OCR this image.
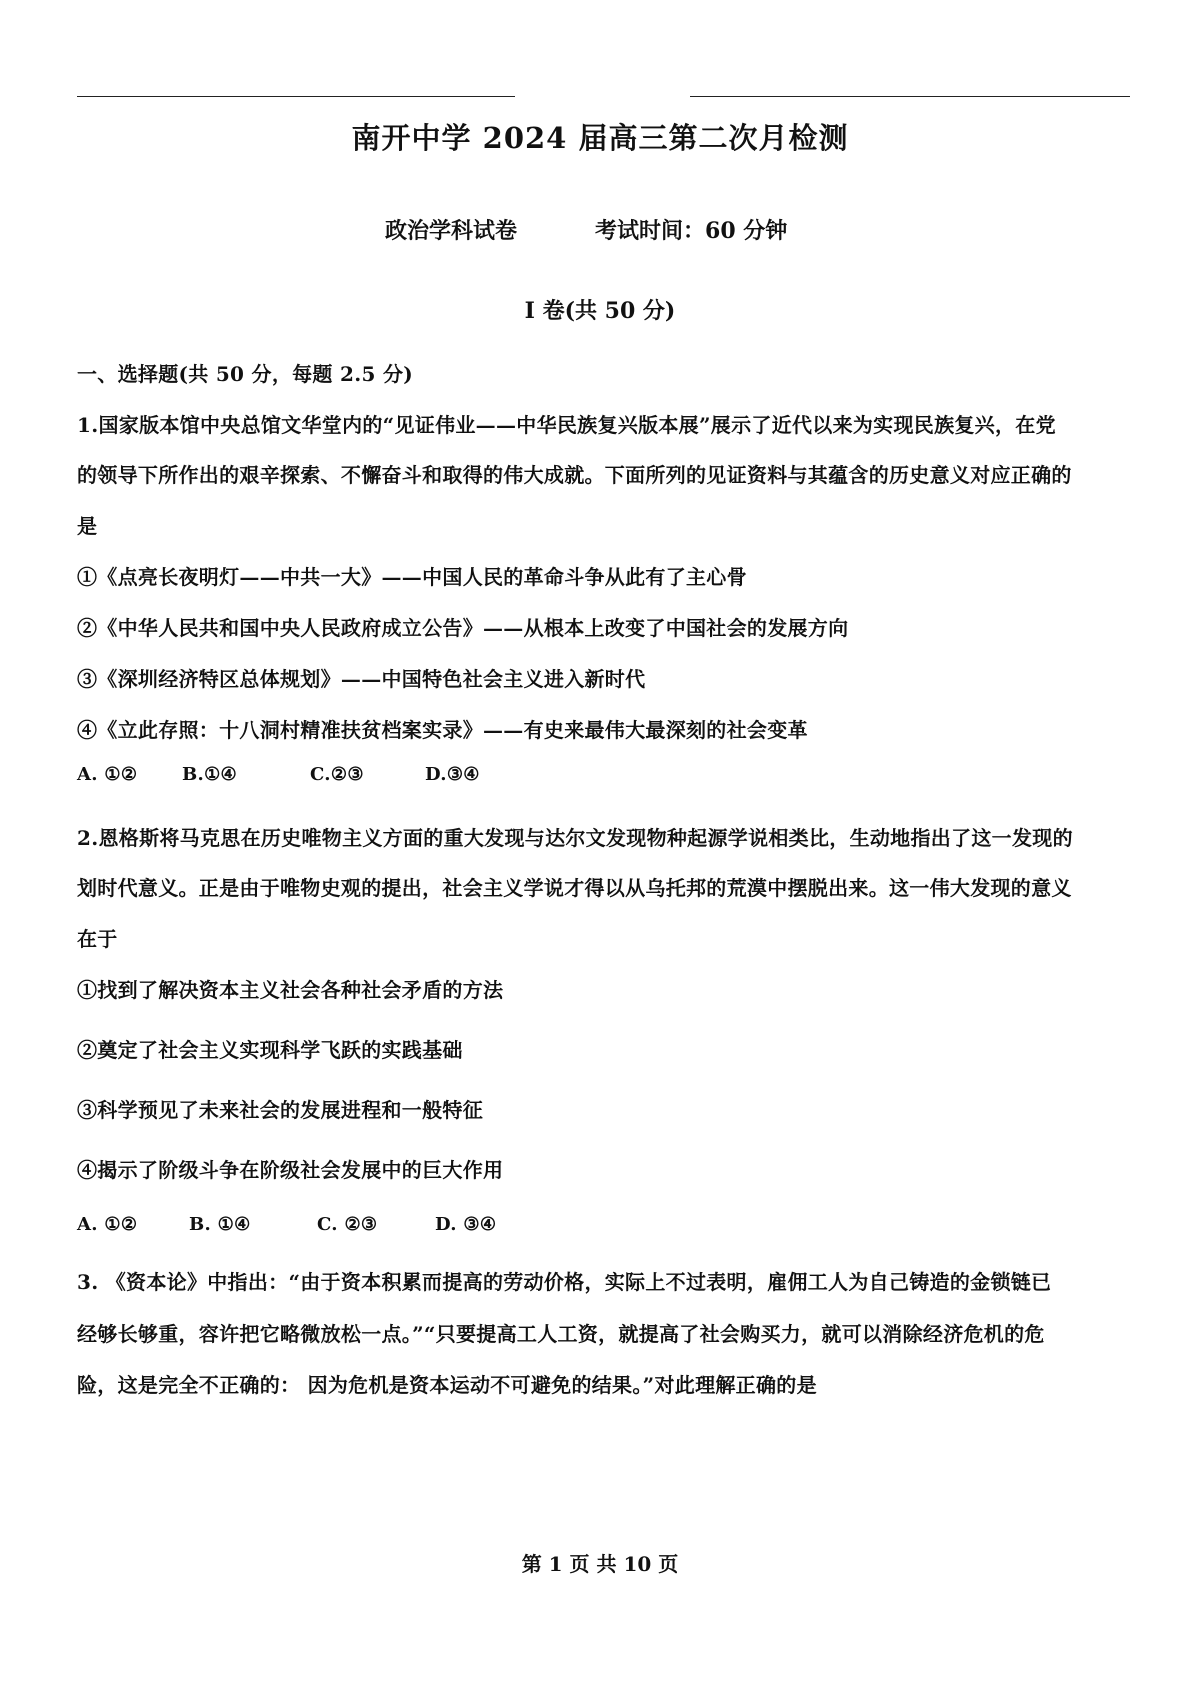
南开中学 2024 届高三第二次月检测
政治学科试卷	考试时间：60 分钟
I 卷(共 50 分)
一、选择题(共 50 分，每题 2.5 分)
1.国家版本馆中央总馆文华堂内的“见证伟业——中华民族复兴版本展”展示了近代以来为实现民族复兴，在党
的领导下所作出的艰辛探索、不懈奋斗和取得的伟大成就。下面所列的见证资料与其蕴含的历史意义对应正确的
是
①《点亮长夜明灯——中共一大》——中国人民的革命斗争从此有了主心骨
②《中华人民共和国中央人民政府成立公告》——从根本上改变了中国社会的发展方向
③《深圳经济特区总体规划》——中国特色社会主义进入新时代
④《立此存照：十八洞村精准扶贫档案实录》——有史来最伟大最深刻的社会变革
A. ①② B.①④	C.②③	D.③④
2.恩格斯将马克思在历史唯物主义方面的重大发现与达尔文发现物种起源学说相类比，生动地指出了这一发现的
划时代意义。正是由于唯物史观的提出，社会主义学说才得以从乌托邦的荒漠中摆脱出来。这一伟大发现的意义
在于
①找到了解决资本主义社会各种社会矛盾的方法
②奠定了社会主义实现科学飞跃的实践基础
③科学预见了未来社会的发展进程和一般特征
④揭示了阶级斗争在阶级社会发展中的巨大作用
A. ①②	B. ①④	C. ②③	D. ③④
3. 《资本论》中指出：“由于资本积累而提高的劳动价格，实际上不过表明，雇佣工人为自己铸造的金锁链已
经够长够重，容许把它略微放松一点。”“只要提高工人工资，就提高了社会购买力，就可以消除经济危机的危
险，这是完全不正确的： 因为危机是资本运动不可避免的结果。”对此理解正确的是
第 1 页 共 10 页
